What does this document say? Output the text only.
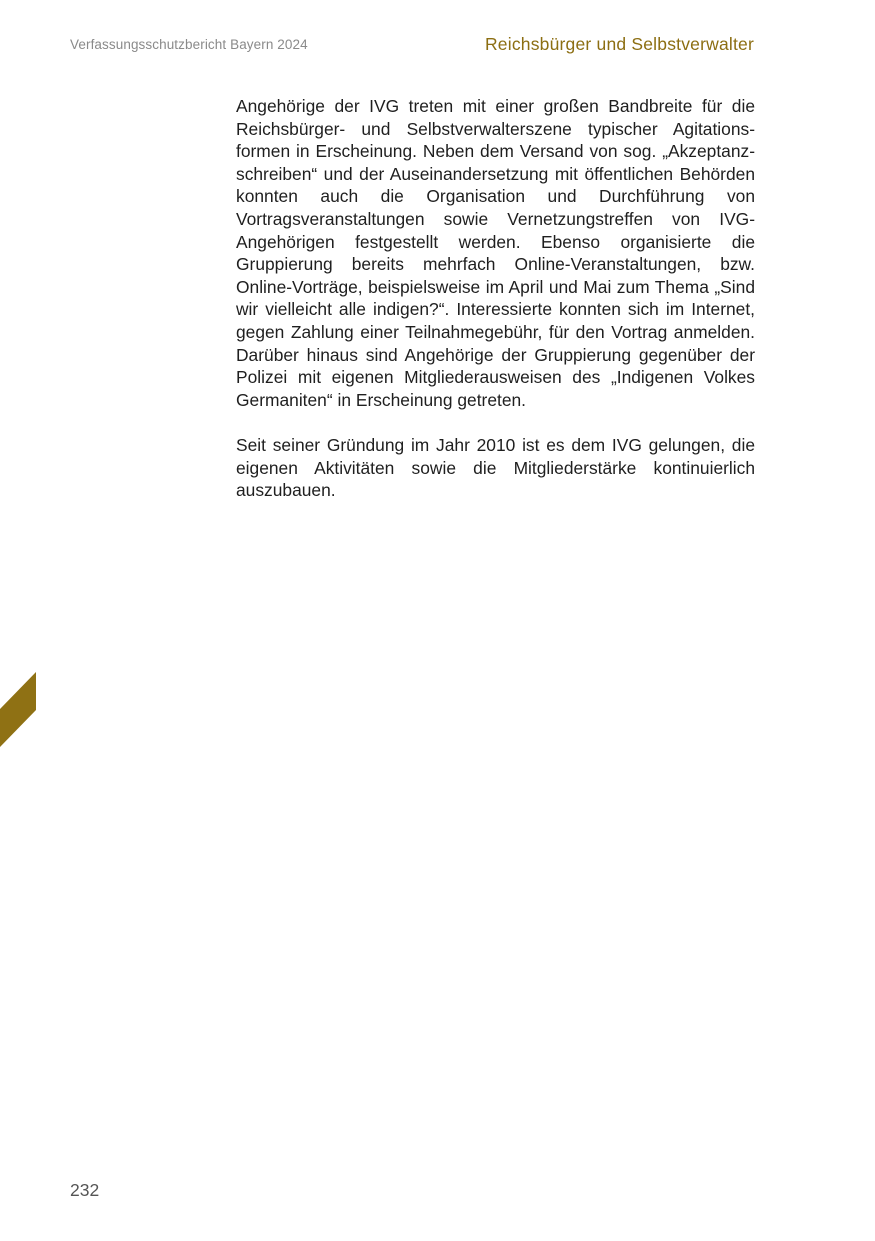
Verfassungsschutzbericht Bayern 2024	Reichsbürger und Selbstverwalter

Angehörige der IVG treten mit einer großen Bandbreite für die Reichsbürger- und Selbstverwalterszene typischer Agitationsformen in Erscheinung. Neben dem Versand von sog. „Akzeptanzschreiben“ und der Auseinandersetzung mit öffentlichen Behörden konnten auch die Organisation und Durchführung von Vortragsveranstaltungen sowie Vernetzungstreffen von IVG-Angehörigen festgestellt werden. Ebenso organisierte die Gruppierung bereits mehrfach Online-Veranstaltungen, bzw. Online-Vorträge, beispielsweise im April und Mai zum Thema „Sind wir vielleicht alle indigen?“. Interessierte konnten sich im Internet, gegen Zahlung einer Teilnahmegebühr, für den Vortrag anmelden. Darüber hinaus sind Angehörige der Gruppierung gegenüber der Polizei mit eigenen Mitgliederausweisen des „Indigenen Volkes Germaniten“ in Erscheinung getreten.

Seit seiner Gründung im Jahr 2010 ist es dem IVG gelungen, die eigenen Aktivitäten sowie die Mitgliederstärke kontinuierlich auszubauen.

232
